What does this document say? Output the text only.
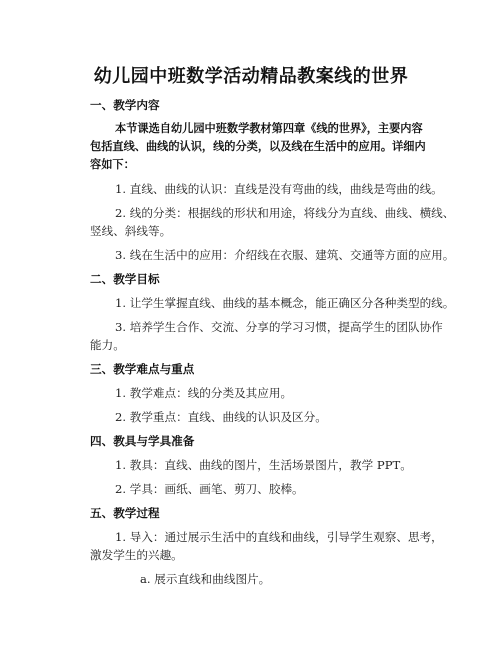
幼儿园中班数学活动精品教案线的世界
一、教学内容
本节课选自幼儿园中班数学教材第四章《线的世界》，主要内容
包括直线、曲线的认识，线的分类，以及线在生活中的应用。详细内
容如下：
1. 直线、曲线的认识：直线是没有弯曲的线，曲线是弯曲的线。
2. 线的分类：根据线的形状和用途，将线分为直线、曲线、横线、
竖线、斜线等。
3. 线在生活中的应用：介绍线在衣服、建筑、交通等方面的应用。
二、教学目标
1. 让学生掌握直线、曲线的基本概念，能正确区分各种类型的线。
3. 培养学生合作、交流、分享的学习习惯，提高学生的团队协作
能力。
三、教学难点与重点
1. 教学难点：线的分类及其应用。
2. 教学重点：直线、曲线的认识及区分。
四、教具与学具准备
1. 教具：直线、曲线的图片，生活场景图片，教学 PPT。
2. 学具：画纸、画笔、剪刀、胶棒。
五、教学过程
1. 导入：通过展示生活中的直线和曲线，引导学生观察、思考，
激发学生的兴趣。
a. 展示直线和曲线图片。
